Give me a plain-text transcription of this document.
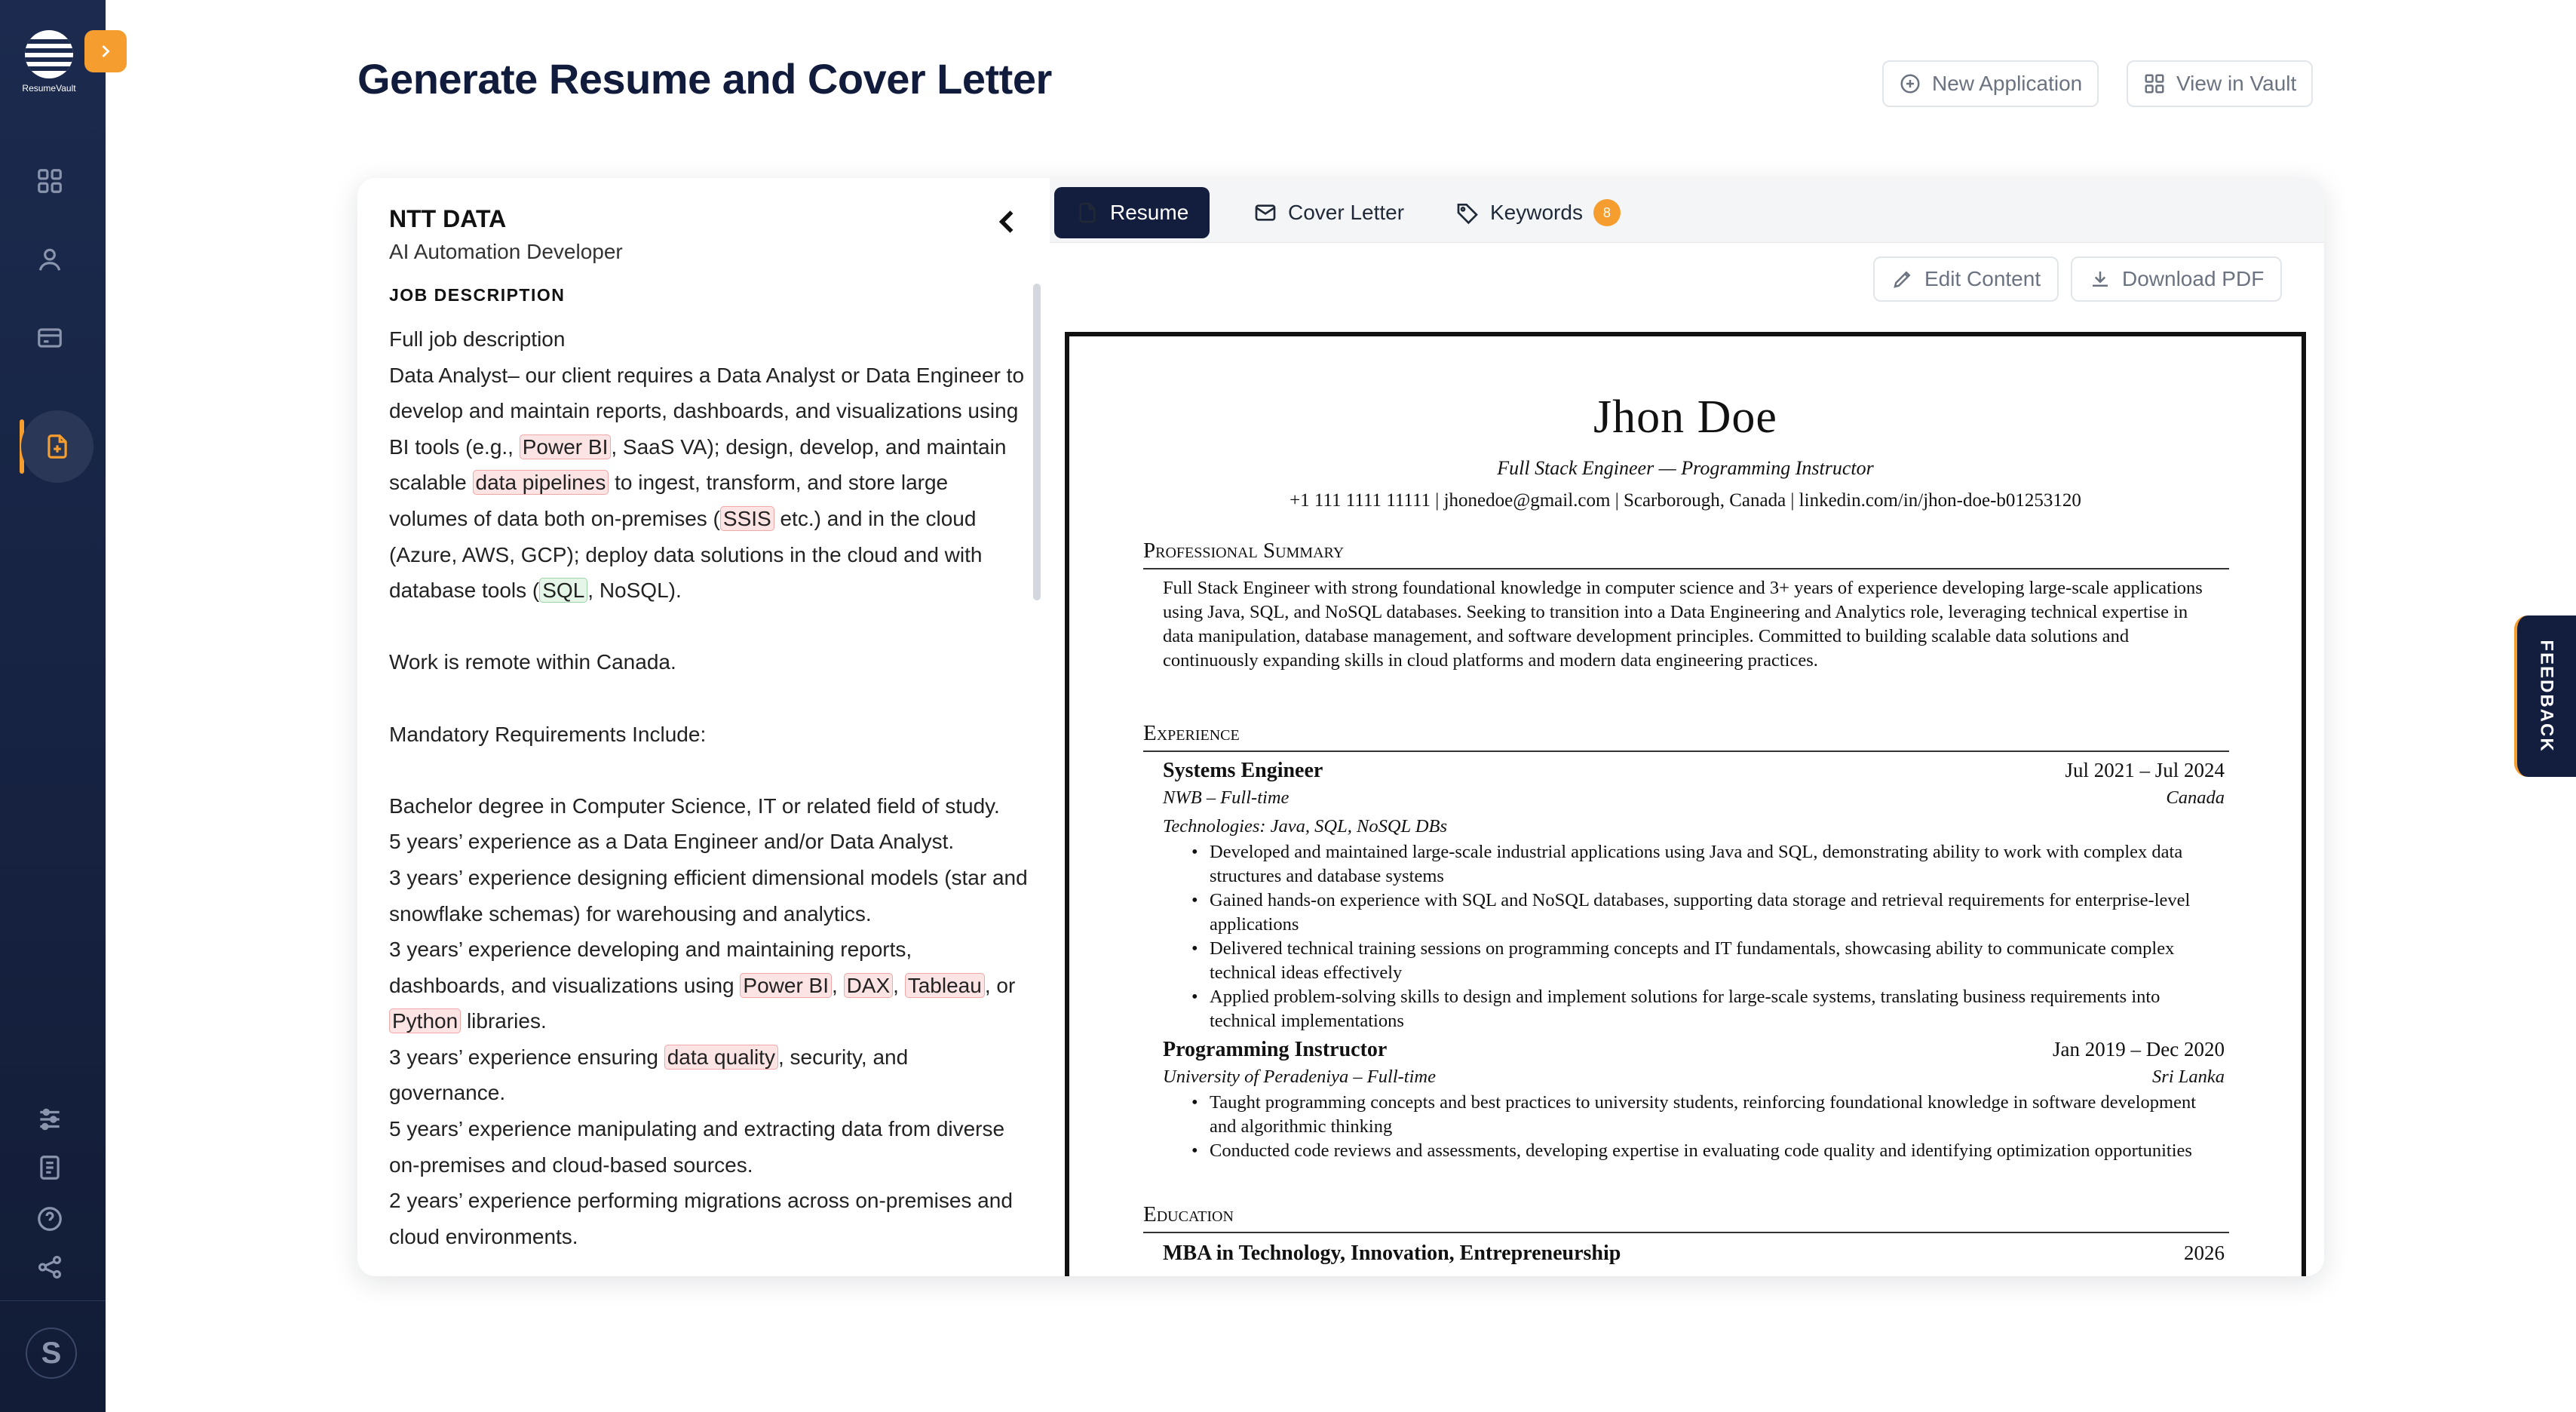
ResumeVault
S
Generate Resume and Cover Letter	New Application	View in Vault
NTT DATA
AI Automation Developer
JOB DESCRIPTION

Full job description

Data Analyst– our client requires a Data Analyst or Data Engineer to develop and maintain reports, dashboards, and visualizations using BI tools (e.g., Power BI , SaaS VA); design, develop, and maintain scalable data pipelines to ingest, transform, and store large volumes of data both on-premises ( SSIS etc.) and in the cloud (Azure, AWS, GCP); deploy data solutions in the cloud and with database tools ( SQL , NoSQL).

Work is remote within Canada.

Mandatory Requirements Include:

Bachelor degree in Computer Science, IT or related field of study.

5 years’ experience as a Data Engineer and/or Data Analyst.

3 years’ experience designing efficient dimensional models (star and snowflake schemas) for warehousing and analytics.

3 years’ experience developing and maintaining reports, dashboards, and visualizations using Power BI , DAX , Tableau , or Python libraries.

3 years’ experience ensuring data quality , security, and governance.

5 years’ experience manipulating and extracting data from diverse on-premises and cloud-based sources.

2 years’ experience performing migrations across on-premises and cloud environments.

Resume	Cover Letter	Keywords	8
Edit Content	Download PDF
Jhon Doe
Full Stack Engineer — Programming Instructor
+1 111 1111 11111 | jhonedoe@gmail.com | Scarborough, Canada | linkedin.com/in/jhon-doe-b01253120
Professional Summary
Full Stack Engineer with strong foundational knowledge in computer science and 3+ years of experience developing large-scale applications using Java, SQL, and NoSQL databases. Seeking to transition into a Data Engineering and Analytics role, leveraging technical expertise in data manipulation, database management, and software development principles. Committed to building scalable data solutions and continuously expanding skills in cloud platforms and modern data engineering practices.
Experience
Systems Engineer	Jul 2021 – Jul 2024
NWB – Full-time	Canada
Technologies: Java, SQL, NoSQL DBs
• Developed and maintained large-scale industrial applications using Java and SQL, demonstrating ability to work with complex data structures and database systems
• Gained hands-on experience with SQL and NoSQL databases, supporting data storage and retrieval requirements for enterprise-level applications
• Delivered technical training sessions on programming concepts and IT fundamentals, showcasing ability to communicate complex technical ideas effectively
• Applied problem-solving skills to design and implement solutions for large-scale systems, translating business requirements into technical implementations
Programming Instructor	Jan 2019 – Dec 2020
University of Peradeniya – Full-time	Sri Lanka
• Taught programming concepts and best practices to university students, reinforcing foundational knowledge in software development and algorithmic thinking
• Conducted code reviews and assessments, developing expertise in evaluating code quality and identifying optimization opportunities
Education
MBA in Technology, Innovation, Entrepreneurship	2026
FEEDBACK
